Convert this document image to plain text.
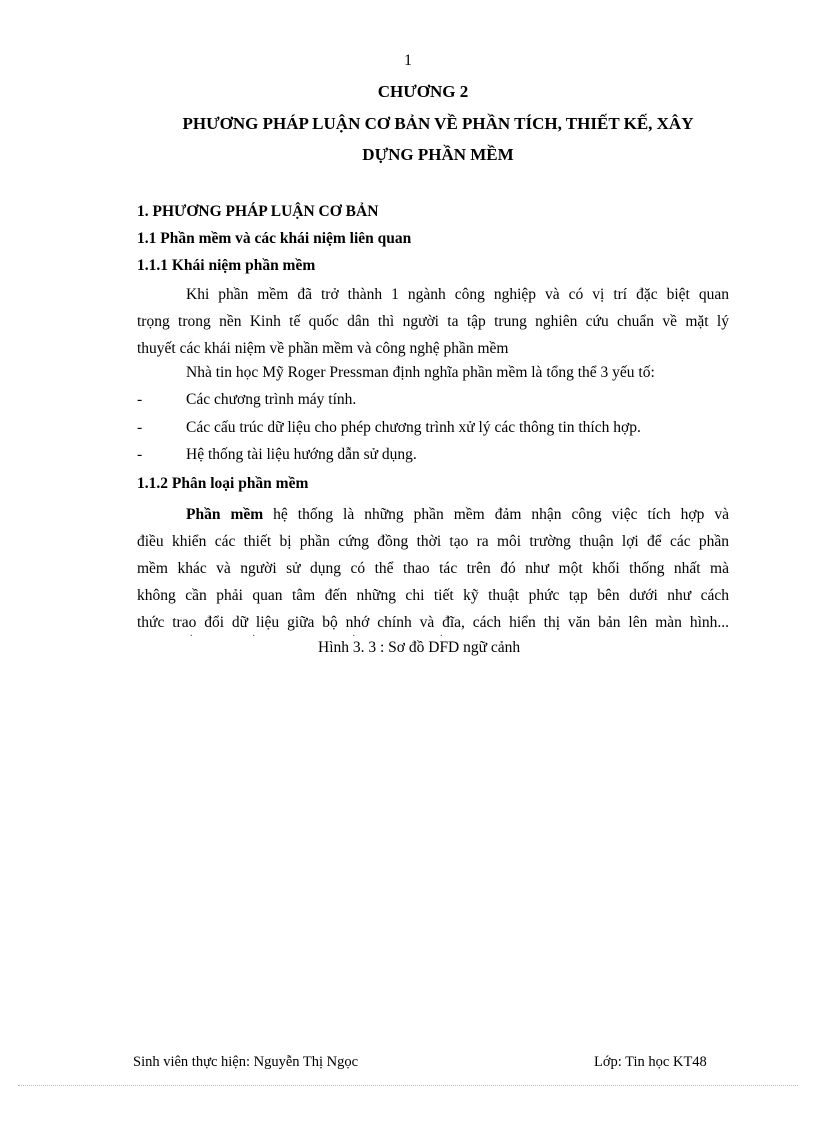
1
CHƯƠNG 2
PHƯƠNG PHÁP LUẬN CƠ BẢN VỀ PHẦN TÍCH, THIẾT KẾ, XÂY
DỰNG PHẦN MỀM
1. PHƯƠNG PHÁP LUẬN CƠ BẢN
1.1 Phần mềm và các khái niệm liên quan
1.1.1 Khái niệm phần mềm
Khi phần mềm đã trở thành 1 ngành công nghiệp và có vị trí đặc biệt quan
trọng trong nền Kinh tế quốc dân thì người ta tập trung nghiên cứu chuẩn về mặt lý
thuyết các khái niệm về phần mềm và công nghệ phần mềm
Nhà tin học Mỹ Roger Pressman định nghĩa phần mềm là tổng thể 3 yếu tố:
-	Các chương trình máy tính.
-	Các cấu trúc dữ liệu cho phép chương trình xử lý các thông tin thích hợp.
-	Hệ thống tài liệu hướng dẫn sử dụng.
1.1.2 Phân loại phần mềm
Phần mềm hệ thống là những phần mềm đảm nhận công việc tích hợp và
điều khiển các thiết bị phần cứng đồng thời tạo ra môi trường thuận lợi để các phần
mềm khác và người sử dụng có thể thao tác trên đó như một khối thống nhất mà
không cần phải quan tâm đến những chi tiết kỹ thuật phức tạp bên dưới như cách
thức trao đổi dữ liệu giữa bộ nhớ chính và đĩa, cách hiển thị văn bản lên màn hình...
.    .       .      .
Hình 3. 3 : Sơ đồ DFD ngữ cảnh
Sinh viên thực hiện: Nguyễn Thị Ngọc	Lớp: Tin học KT48
